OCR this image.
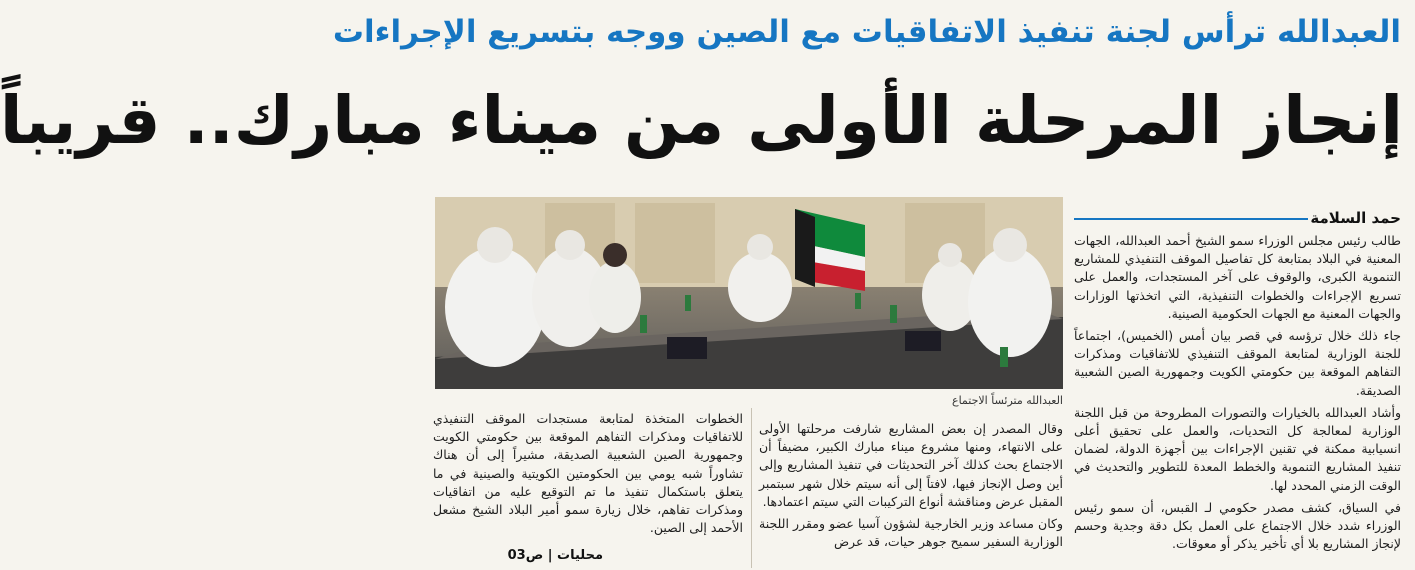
العبدالله ترأس لجنة تنفيذ الاتفاقيات مع الصين ووجه بتسريع الإجراءات
إنجاز المرحلة الأولى من ميناء مبارك.. قريباً
العبدالله مترئساً الاجتماع
حمد السلامة

طالب رئيس مجلس الوزراء سمو الشيخ أحمد العبدالله، الجهات المعنية في البلاد بمتابعة كل تفاصيل الموقف التنفيذي للمشاريع التنموية الكبرى، والوقوف على آخر المستجدات، والعمل على تسريع الإجراءات والخطوات التنفيذية، التي اتخذتها الوزارات والجهات المعنية مع الجهات الحكومية الصينية.

جاء ذلك خلال ترؤسه في قصر بيان أمس (الخميس)، اجتماعاً للجنة الوزارية لمتابعة الموقف التنفيذي للاتفاقيات ومذكرات التفاهم الموقعة بين حكومتي الكويت وجمهورية الصين الشعبية الصديقة.

وأشاد العبدالله بالخيارات والتصورات المطروحة من قبل اللجنة الوزارية لمعالجة كل التحديات، والعمل على تحقيق أعلى انسيابية ممكنة في تقنين الإجراءات بين أجهزة الدولة، لضمان تنفيذ المشاريع التنموية والخطط المعدة للتطوير والتحديث في الوقت الزمني المحدد لها.

في السياق، كشف مصدر حكومي لـ القبس، أن سمو رئيس الوزراء شدد خلال الاجتماع على العمل بكل دقة وجدية وحسم لإنجاز المشاريع بلا أي تأخير يذكر أو معوقات.

وقال المصدر إن بعض المشاريع شارفت مرحلتها الأولى على الانتهاء، ومنها مشروع ميناء مبارك الكبير، مضيفاً أن الاجتماع بحث كذلك آخر التحديثات في تنفيذ المشاريع وإلى أين وصل الإنجاز فيها، لافتاً إلى أنه سيتم خلال شهر سبتمبر المقبل عرض ومناقشة أنواع التركيبات التي سيتم اعتمادها.

وكان مساعد وزير الخارجية لشؤون آسيا عضو ومقرر اللجنة الوزارية السفير سميح جوهر حيات، قد عرض

الخطوات المتخذة لمتابعة مستجدات الموقف التنفيذي للاتفاقيات ومذكرات التفاهم الموقعة بين حكومتي الكويت وجمهورية الصين الشعبية الصديقة، مشيراً إلى أن هناك تشاوراً شبه يومي بين الحكومتين الكويتية والصينية في ما يتعلق باستكمال تنفيذ ما تم التوقيع عليه من اتفاقيات ومذكرات تفاهم، خلال زيارة سمو أمير البلاد الشيخ مشعل الأحمد إلى الصين.

محليات | ص03
